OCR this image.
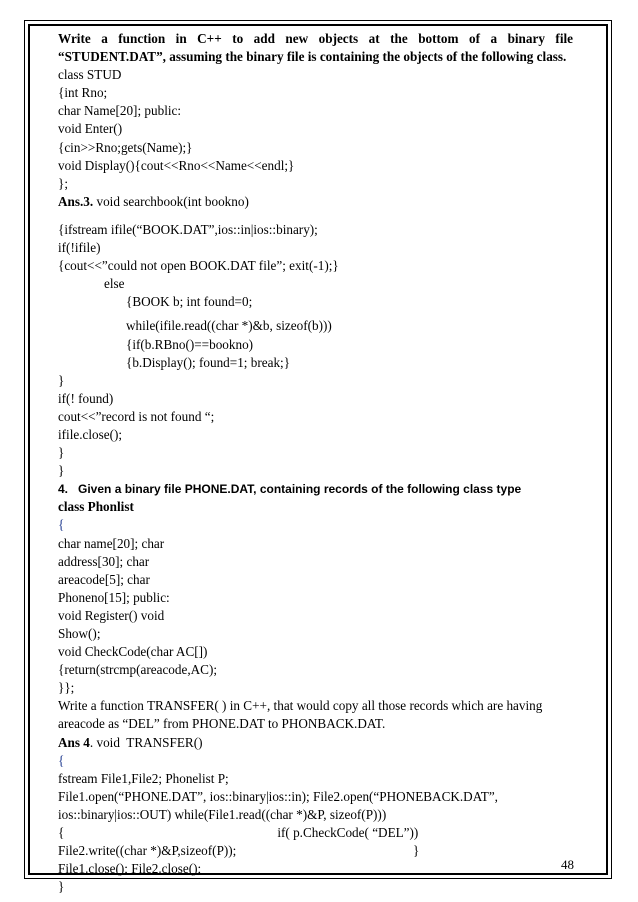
Write a function in C++ to add new objects at the bottom of a binary file
“STUDENT.DAT”, assuming the binary file is containing the objects of the following class.
class STUD
{int Rno;
char Name[20]; public:
void Enter()
{cin>>Rno;gets(Name);}
void Display(){cout<<Rno<<Name<<endl;}
};
Ans.3. void searchbook(int bookno)
{ifstream ifile(“BOOK.DAT”,ios::in|ios::binary);
if(!ifile)
{cout<<”could not open BOOK.DAT file”; exit(-1);}
else
{BOOK b; int found=0;
while(ifile.read((char *)&b, sizeof(b)))
{if(b.RBno()==bookno)
{b.Display(); found=1; break;}
}
if(! found)
cout<<”record is not found “;
ifile.close();
}
}
4.   Given a binary file PHONE.DAT, containing records of the following class type
class Phonlist
{
char name[20]; char
address[30]; char
areacode[5]; char
Phoneno[15]; public:
void Register() void
Show();
void CheckCode(char AC[])
{return(strcmp(areacode,AC);
}};
Write a function TRANSFER( ) in C++, that would copy all those records which are having
areacode as “DEL” from PHONE.DAT to PHONBACK.DAT.
Ans 4. void  TRANSFER()
{
fstream File1,File2; Phonelist P;
File1.open(“PHONE.DAT”, ios::binary|ios::in); File2.open(“PHONEBACK.DAT”,
ios::binary|ios::OUT) while(File1.read((char *)&P, sizeof(P)))
{	if( p.CheckCode( “DEL”))
File2.write((char *)&P,sizeof(P));	}
File1.close(); File2.close();
}
48
